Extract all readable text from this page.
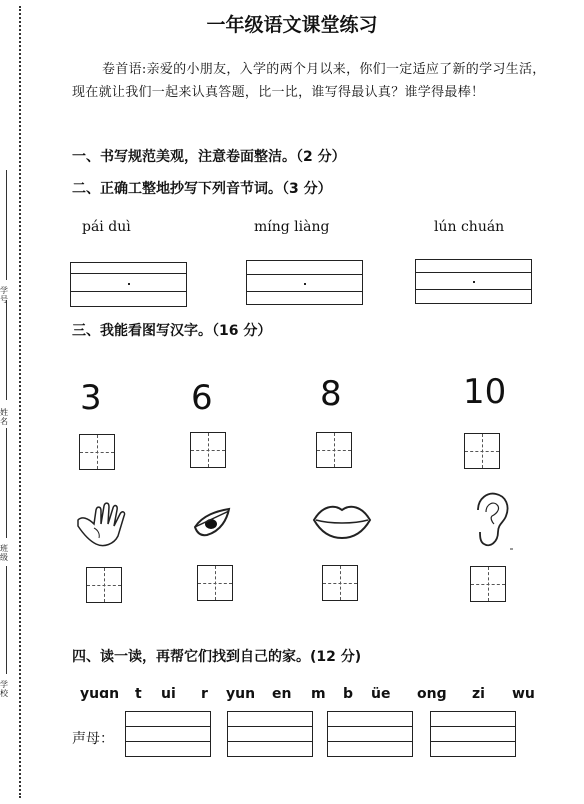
学号
姓名
班级
学校
一年级语文课堂练习
卷首语:亲爱的小朋友，入学的两个月以来，你们一定适应了新的学习生活，现在就让我们一起来认真答题，比一比，谁写得最认真？谁学得最棒！
一、书写规范美观，注意卷面整洁。（2 分）
二、正确工整地抄写下列音节词。（3 分）
pái duì	míng liàng	lún chuán
三、我能看图写汉字。（16 分）
3	6	8	10
四、读一读，再帮它们找到自己的家。(12 分)
yuɑn t ui r yun en m b üe onɡ zi wu
声母：
